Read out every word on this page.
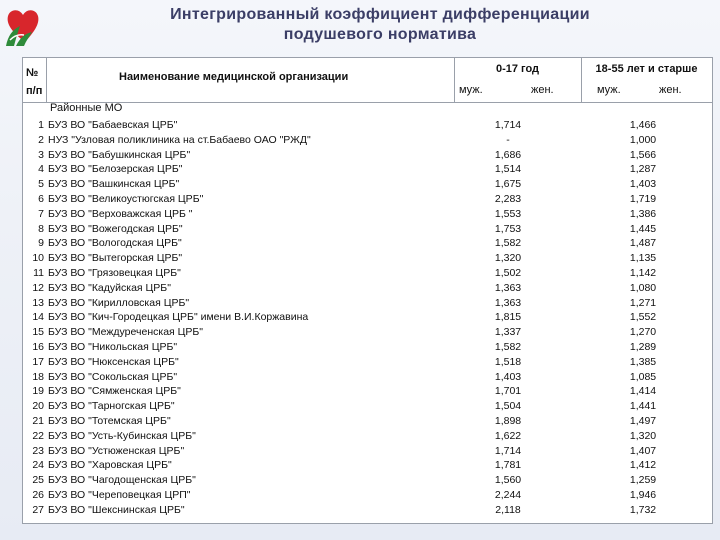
Интегрированный коэффициент дифференциации
подушевого норматива
№
п/п
Наименование медицинской организации
0-17 год	18-55 лет и старше
муж.	жен.	муж.	жен.
Районные МО
1 БУЗ ВО "Бабаевская ЦРБ"	1,714	1,466
2 НУЗ "Узловая поликлиника на ст.Бабаево ОАО "РЖД"	-	1,000
3 БУЗ ВО "Бабушкинская ЦРБ"	1,686	1,566
4 БУЗ ВО "Белозерская ЦРБ"	1,514	1,287
5 БУЗ ВО "Вашкинская ЦРБ"	1,675	1,403
6 БУЗ ВО "Великоустюгская ЦРБ"	2,283	1,719
7 БУЗ ВО "Верховажская ЦРБ "	1,553	1,386
8 БУЗ ВО "Вожегодская ЦРБ"	1,753	1,445
9 БУЗ ВО "Вологодская ЦРБ"	1,582	1,487
10 БУЗ ВО "Вытегорская ЦРБ"	1,320	1,135
11 БУЗ ВО "Грязовецкая ЦРБ"	1,502	1,142
12 БУЗ ВО "Кадуйская ЦРБ"	1,363	1,080
13 БУЗ ВО "Кирилловская ЦРБ"	1,363	1,271
14 БУЗ ВО "Кич-Городецкая ЦРБ" имени В.И.Коржавина	1,815	1,552
15 БУЗ ВО "Междуреченская ЦРБ"	1,337	1,270
16 БУЗ ВО "Никольская ЦРБ"	1,582	1,289
17 БУЗ ВО "Нюксенская ЦРБ"	1,518	1,385
18 БУЗ ВО "Сокольская ЦРБ"	1,403	1,085
19 БУЗ ВО "Сямженская ЦРБ"	1,701	1,414
20 БУЗ ВО "Тарногская ЦРБ"	1,504	1,441
21 БУЗ ВО "Тотемская ЦРБ"	1,898	1,497
22 БУЗ ВО "Усть-Кубинская ЦРБ"	1,622	1,320
23 БУЗ ВО "Устюженская ЦРБ"	1,714	1,407
24 БУЗ ВО "Харовская ЦРБ"	1,781	1,412
25 БУЗ ВО "Чагодощенская ЦРБ"	1,560	1,259
26 БУЗ ВО "Череповецкая ЦРП"	2,244	1,946
27 БУЗ ВО "Шекснинская ЦРБ"	2,118	1,732
